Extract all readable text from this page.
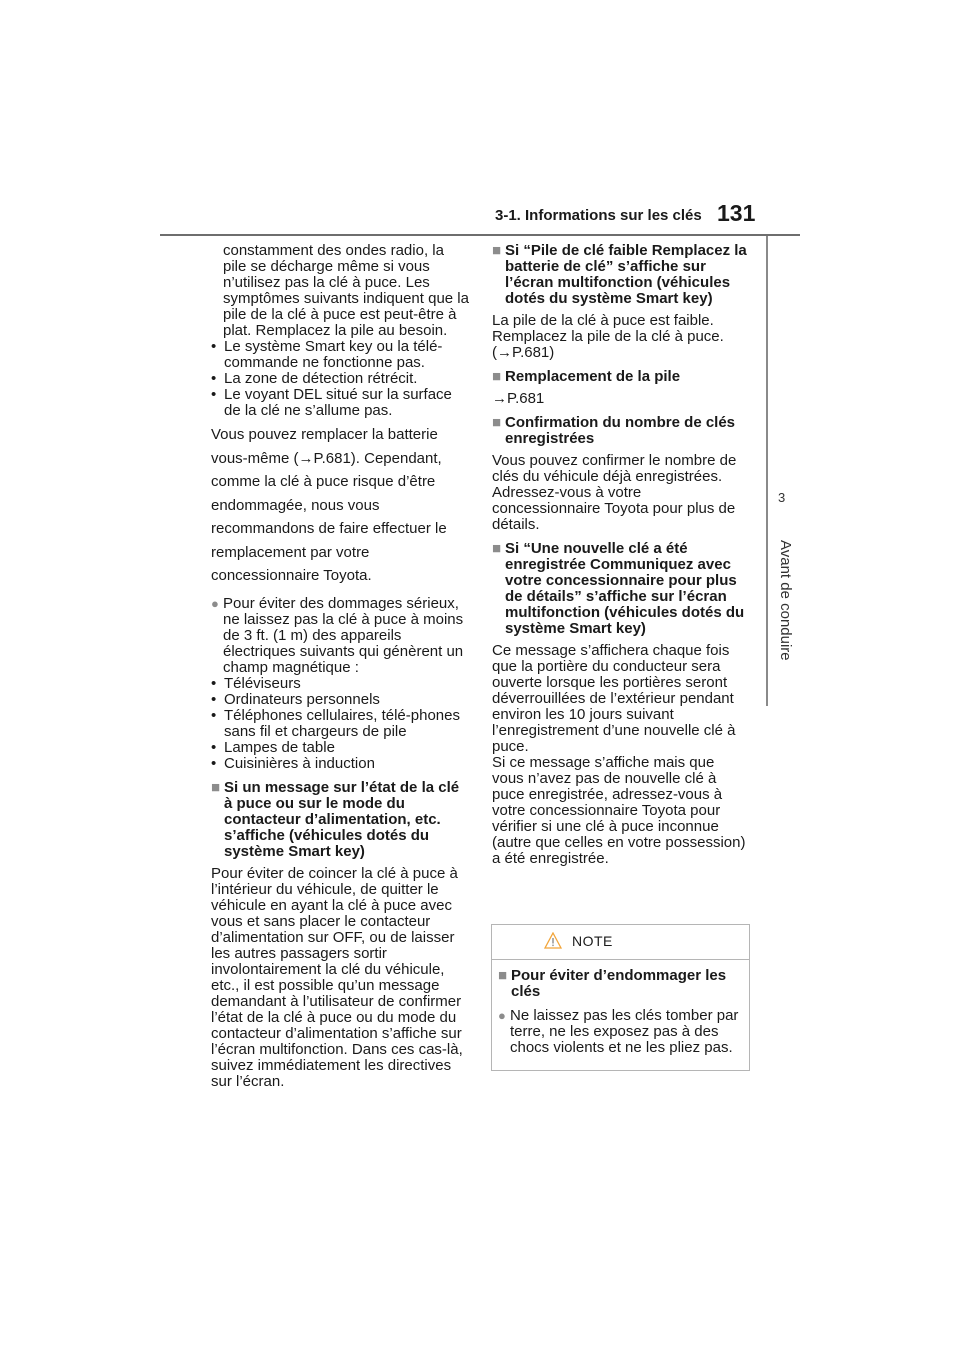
3-1. Informations sur les clés 131
3
Avant de conduire

constamment des ondes radio, la pile se décharge même si vous n’utilisez pas la clé à puce. Les symptômes suivants indiquent que la pile de la clé à puce est peut-être à plat. Remplacez la pile au besoin.

• Le système Smart key ou la télé-commande ne fonctionne pas.

• La zone de détection rétrécit.

• Le voyant DEL situé sur la surface de la clé ne s’allume pas.

Vous pouvez remplacer la batterie vous-même (→P.681). Cependant, comme la clé à puce risque d’être endommagée, nous vous recommandons de faire effectuer le remplacement par votre concessionnaire Toyota.

● Pour éviter des dommages sérieux, ne laissez pas la clé à puce à moins de 3 ft. (1 m) des appareils électriques suivants qui génèrent un champ magnétique :

• Téléviseurs

• Ordinateurs personnels

• Téléphones cellulaires, télé-phones sans fil et chargeurs de pile

• Lampes de table

• Cuisinières à induction

■ Si un message sur l’état de la clé à puce ou sur le mode du contacteur d’alimentation, etc. s’affiche (véhicules dotés du système Smart key)

Pour éviter de coincer la clé à puce à l’intérieur du véhicule, de quitter le véhicule en ayant la clé à puce avec vous et sans placer le contacteur d’alimentation sur OFF, ou de laisser les autres passagers sortir involontairement la clé du véhicule, etc., il est possible qu’un message demandant à l’utilisateur de confirmer l’état de la clé à puce ou du mode du contacteur d’alimentation s’affiche sur l’écran multifonction. Dans ces cas-là, suivez immédiatement les directives sur l’écran.

■ Si “Pile de clé faible Remplacez la batterie de clé” s’affiche sur l’écran multifonction (véhicules dotés du système Smart key)

La pile de la clé à puce est faible. Remplacez la pile de la clé à puce. (→P.681)

■ Remplacement de la pile

→P.681

■ Confirmation du nombre de clés enregistrées

Vous pouvez confirmer le nombre de clés du véhicule déjà enregistrées. Adressez-vous à votre concessionnaire Toyota pour plus de détails.

■ Si “Une nouvelle clé a été enregistrée Communiquez avec votre concessionnaire pour plus de détails” s’affiche sur l’écran multifonction (véhicules dotés du système Smart key)

Ce message s’affichera chaque fois que la portière du conducteur sera ouverte lorsque les portières seront déverrouillées de l’extérieur pendant environ les 10 jours suivant l’enregistrement d’une nouvelle clé à puce.

Si ce message s’affiche mais que vous n’avez pas de nouvelle clé à puce enregistrée, adressez-vous à votre concessionnaire Toyota pour vérifier si une clé à puce inconnue (autre que celles en votre possession) a été enregistrée.

NOTE

■ Pour éviter d’endommager les clés

● Ne laissez pas les clés tomber par terre, ne les exposez pas à des chocs violents et ne les pliez pas.
